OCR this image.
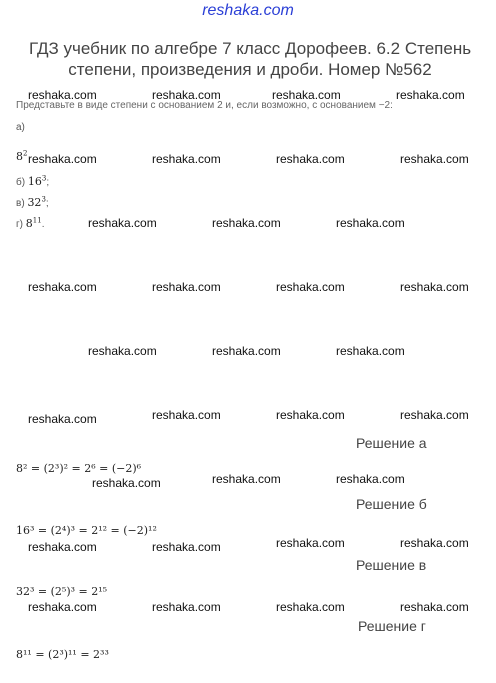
reshaka.com
ГДЗ учебник по алгебре 7 класс Дорофеев. 6.2 Степень степени, произведения и дроби. Номер №562
reshaka.com	reshaka.com	reshaka.com	reshaka.com
Представьте в виде степени с основанием 2 и, если возможно, с основанием −2:
а)
$8^2$ reshaka.com	reshaka.com	reshaka.com	reshaka.com
б) $16^3$;
в) $32^3$;
г) $8^{11}$.	reshaka.com	reshaka.com	reshaka.com
reshaka.com	reshaka.com	reshaka.com	reshaka.com
reshaka.com	reshaka.com	reshaka.com
reshaka.com	reshaka.com	reshaka.com	reshaka.com
Решение а
8² = (2³)² = 2⁶ = (−2)⁶
reshaka.com	reshaka.com	reshaka.com
Решение б
16³ = (2⁴)³ = 2¹² = (−2)¹²
reshaka.com	reshaka.com	reshaka.com	reshaka.com
Решение в
32³ = (2⁵)³ = 2¹⁵
reshaka.com	reshaka.com	reshaka.com	reshaka.com
Решение г
8¹¹ = (2³)¹¹ = 2³³
